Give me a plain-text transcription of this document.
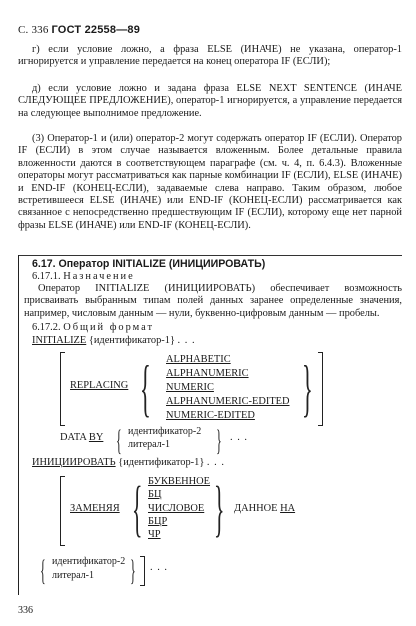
С. 336 ГОСТ 22558—89
г) если условие ложно, а фраза ELSE (ИНАЧЕ) не указана, оператор-1 игнорируется и управление передается на конец оператора IF (ЕСЛИ);
д) если условие ложно и задана фраза ELSE NEXT SENTENCE (ИНАЧЕ СЛЕДУЮЩЕЕ ПРЕДЛОЖЕНИЕ), оператор-1 игнорируется, а управление передается на следующее выполнимое предложение.
(3) Оператор-1 и (или) оператор-2 могут содержать оператор IF (ЕСЛИ). Оператор IF (ЕСЛИ) в этом случае называется вложенным. Более детальные правила вложенности даются в соответствующем параграфе (см. ч. 4, п. 6.4.3). Вложенные операторы могут рассматриваться как парные комбинации IF (ЕСЛИ), ELSE (ИНАЧЕ) и END-IF (КОНЕЦ-ЕСЛИ), задаваемые слева направо. Таким образом, любое встретившееся ELSE (ИНАЧЕ) или END-IF (КОНЕЦ-ЕСЛИ) рассматривается как связанное с непосредственно предшествующим IF (ЕСЛИ), которому еще нет парной фразы ELSE (ИНАЧЕ) или END-IF (КОНЕЦ-ЕСЛИ).
6.17. Оператор INITIALIZE (ИНИЦИИРОВАТЬ)
6.17.1. Назначение
Оператор INITIALIZE (ИНИЦИИРОВАТЬ) обеспечивает возможность присваивать выбранным типам полей данных заранее определенные значения, например, числовым данным — нули, буквенно-цифровым данным — пробелы.
6.17.2. Общий формат
INITIALIZE {идентификатор-1} . . .
REPLACING { ALPHABETIC
ALPHANUMERIC
NUMERIC
ALPHANUMERIC-EDITED
NUMERIC-EDITED }
DATA BY { идентификатор-2
литерал-1 } . . .
ИНИЦИИРОВАТЬ {идентификатор-1} . . .
ЗАМЕНЯЯ { БУКВЕННОЕ
БЦ
ЧИСЛОВОЕ
БЦР
ЧР } ДАННОЕ НА
{ идентификатор-2
литерал-1 } . . .
336
